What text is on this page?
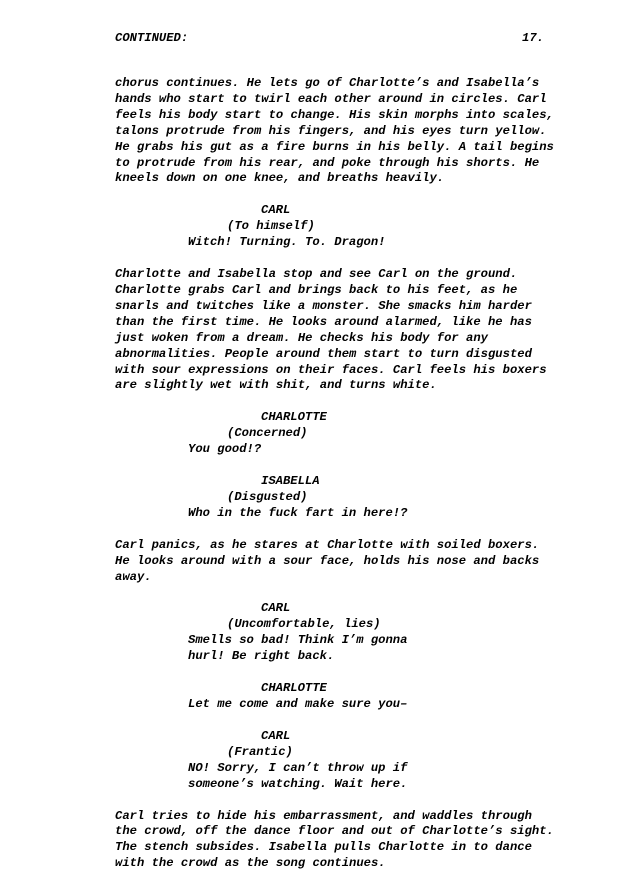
CONTINUED:	17.
chorus continues. He lets go of Charlotte’s and Isabella’s
hands who start to twirl each other around in circles. Carl
feels his body start to change. His skin morphs into scales,
talons protrude from his fingers, and his eyes turn yellow.
He grabs his gut as a fire burns in his belly. A tail begins
to protrude from his rear, and poke through his shorts. He
kneels down on one knee, and breaths heavily.
CARL
(To himself)
Witch! Turning. To. Dragon!
Charlotte and Isabella stop and see Carl on the ground.
Charlotte grabs Carl and brings back to his feet, as he
snarls and twitches like a monster. She smacks him harder
than the first time. He looks around alarmed, like he has
just woken from a dream. He checks his body for any
abnormalities. People around them start to turn disgusted
with sour expressions on their faces. Carl feels his boxers
are slightly wet with shit, and turns white.
CHARLOTTE
(Concerned)
You good!?
ISABELLA
(Disgusted)
Who in the fuck fart in here!?
Carl panics, as he stares at Charlotte with soiled boxers.
He looks around with a sour face, holds his nose and backs
away.
CARL
(Uncomfortable, lies)
Smells so bad! Think I’m gonna
hurl! Be right back.
CHARLOTTE
Let me come and make sure you–
CARL
(Frantic)
NO! Sorry, I can’t throw up if
someone’s watching. Wait here.
Carl tries to hide his embarrassment, and waddles through
the crowd, off the dance floor and out of Charlotte’s sight.
The stench subsides. Isabella pulls Charlotte in to dance
with the crowd as the song continues.
